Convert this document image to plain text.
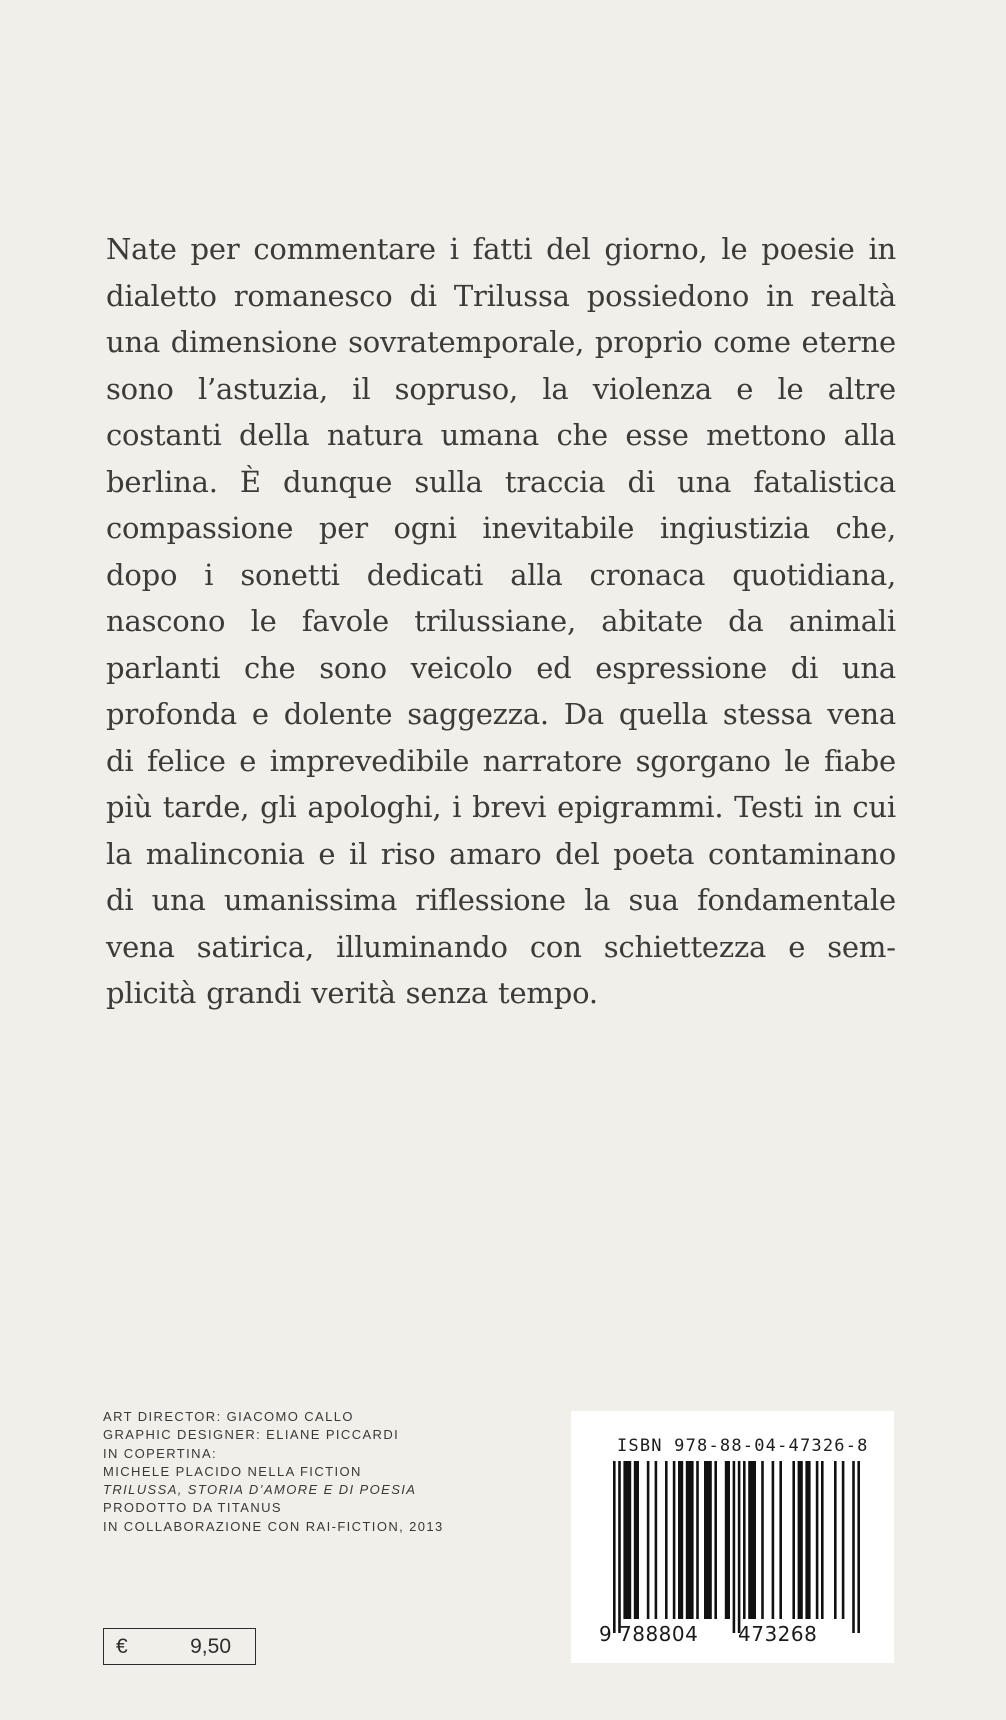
Nate per commentare i fatti del giorno, le poesie in dialetto romanesco di Trilussa possiedono in realtà una dimensione sovratemporale, proprio come eterne sono l’astuzia, il sopruso, la violenza e le altre costanti della natura umana che esse mettono alla berlina. È dunque sulla traccia di una fatalistica compassione per ogni inevitabile ingiustizia che, dopo i sonetti dedicati alla cronaca quotidiana, nascono le favole trilussiane, abitate da animali parlanti che sono veicolo ed espressione di una profonda e dolente saggezza. Da quella stessa vena di felice e imprevedibile narratore sgorgano le fiabe più tarde, gli apologhi, i brevi epigrammi. Testi in cui la malinconia e il riso amaro del poeta contaminano di una umanissima riflessione la sua fondamentale vena satirica, illuminando con schiettezza e semplicità grandi verità senza tempo.

ART DIRECTOR: GIACOMO CALLO
GRAPHIC DESIGNER: ELIANE PICCARDI
IN COPERTINA:
MICHELE PLACIDO NELLA FICTION
TRILUSSA, STORIA D’AMORE E DI POESIA
PRODOTTO DA TITANUS
IN COLLABORAZIONE CON RAI-FICTION, 2013
€	9,50
ISBN 978-88-04-47326-8
9 788804 473268
